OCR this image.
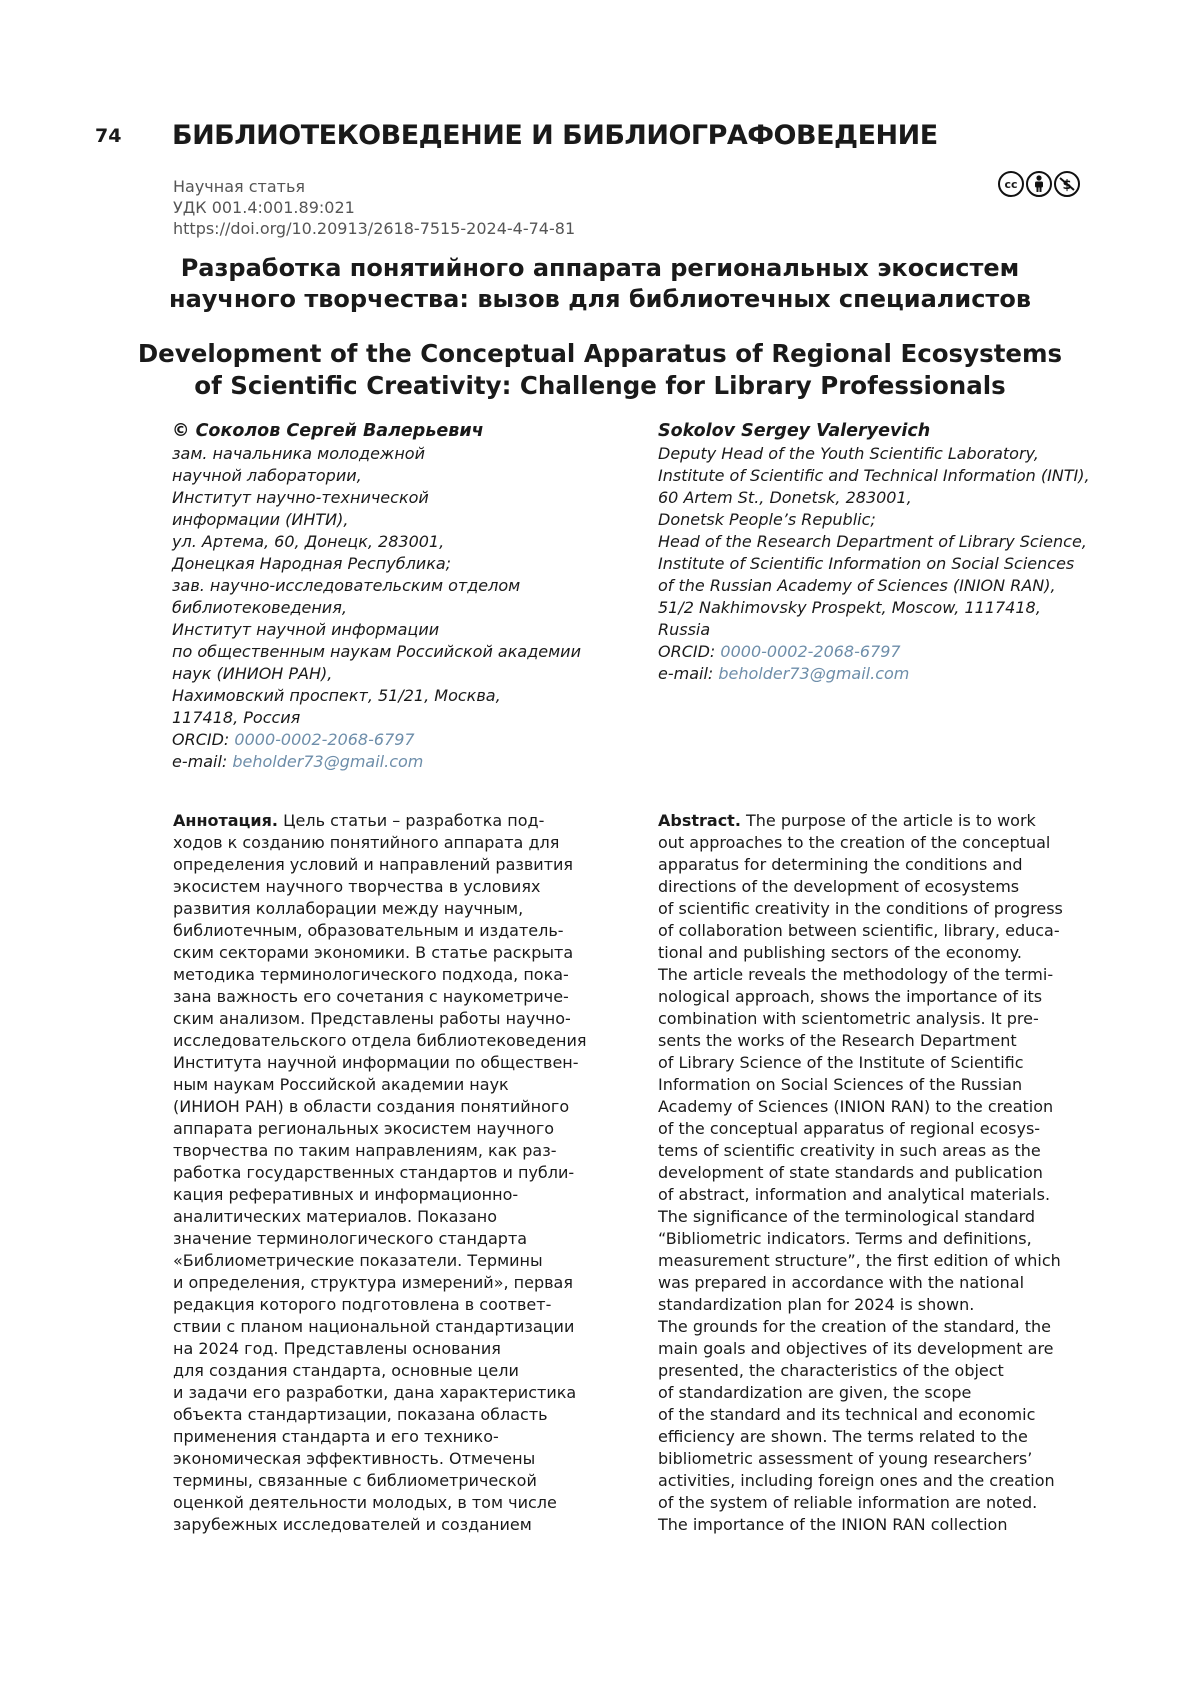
74 БИБЛИОТЕКОВЕДЕНИЕ И БИБЛИОГРАФОВЕДЕНИЕ
Научная статья
УДК 001.4:001.89:021
https://doi.org/10.20913/2618-7515-2024-4-74-81
cc	$
Разработка понятийного аппарата региональных экосистем
научного творчества: вызов для библиотечных специалистов
Development of the Conceptual Apparatus of Regional Ecosystems
of Scientific Creativity: Challenge for Library Professionals
© Соколов Сергей Валерьевич
зам. начальника молодежной
научной лаборатории,
Институт научно-технической
информации (ИНТИ),
ул. Артема, 60, Донецк, 283001,
Донецкая Народная Республика;
зав. научно-исследовательским отделом
библиотековедения,
Институт научной информации
по общественным наукам Российской академии
наук (ИНИОН РАН),
Нахимовский проспект, 51/21, Москва,
117418, Россия
ORCID: 0000-0002-2068-6797
e-mail: beholder73@gmail.com
Sokolov Sergey Valeryevich
Deputy Head of the Youth Scientific Laboratory,
Institute of Scientific and Technical Information (INTI),
60 Artem St., Donetsk, 283001,
Donetsk People’s Republic;
Head of the Research Department of Library Science,
Institute of Scientific Information on Social Sciences
of the Russian Academy of Sciences (INION RAN),
51/2 Nakhimovsky Prospekt, Moscow, 1117418,
Russia
ORCID: 0000-0002-2068-6797
e-mail: beholder73@gmail.com
Аннотация. Цель статьи – разработка под-
ходов к созданию понятийного аппарата для
определения условий и направлений развития
экосистем научного творчества в условиях
развития коллаборации между научным,
библиотечным, образовательным и издатель-
ским секторами экономики. В статье раскрыта
методика терминологического подхода, пока-
зана важность его сочетания с наукометриче-
ским анализом. Представлены работы научно-
исследовательского отдела библиотековедения
Института научной информации по обществен-
ным наукам Российской академии наук
(ИНИОН РАН) в области создания понятийного
аппарата региональных экосистем научного
творчества по таким направлениям, как раз-
работка государственных стандартов и публи-
кация реферативных и информационно-
аналитических материалов. Показано
значение терминологического стандарта
«Библиометрические показатели. Термины
и определения, структура измерений», первая
редакция которого подготовлена в соответ-
ствии с планом национальной стандартизации
на 2024 год. Представлены основания
для создания стандарта, основные цели
и задачи его разработки, дана характеристика
объекта стандартизации, показана область
применения стандарта и его технико-
экономическая эффективность. Отмечены
термины, связанные с библиометрической
оценкой деятельности молодых, в том числе
зарубежных исследователей и созданием
Abstract. The purpose of the article is to work
out approaches to the creation of the conceptual
apparatus for determining the conditions and
directions of the development of ecosystems
of scientific creativity in the conditions of progress
of collaboration between scientific, library, educa-
tional and publishing sectors of the economy.
The article reveals the methodology of the termi-
nological approach, shows the importance of its
combination with scientometric analysis. It pre-
sents the works of the Research Department
of Library Science of the Institute of Scientific
Information on Social Sciences of the Russian
Academy of Sciences (INION RAN) to the creation
of the conceptual apparatus of regional ecosys-
tems of scientific creativity in such areas as the
development of state standards and publication
of abstract, information and analytical materials.
The significance of the terminological standard
“Bibliometric indicators. Terms and definitions,
measurement structure”, the first edition of which
was prepared in accordance with the national
standardization plan for 2024 is shown.
The grounds for the creation of the standard, the
main goals and objectives of its development are
presented, the characteristics of the object
of standardization are given, the scope
of the standard and its technical and economic
efficiency are shown. The terms related to the
bibliometric assessment of young researchers’
activities, including foreign ones and the creation
of the system of reliable information are noted.
The importance of the INION RAN collection
